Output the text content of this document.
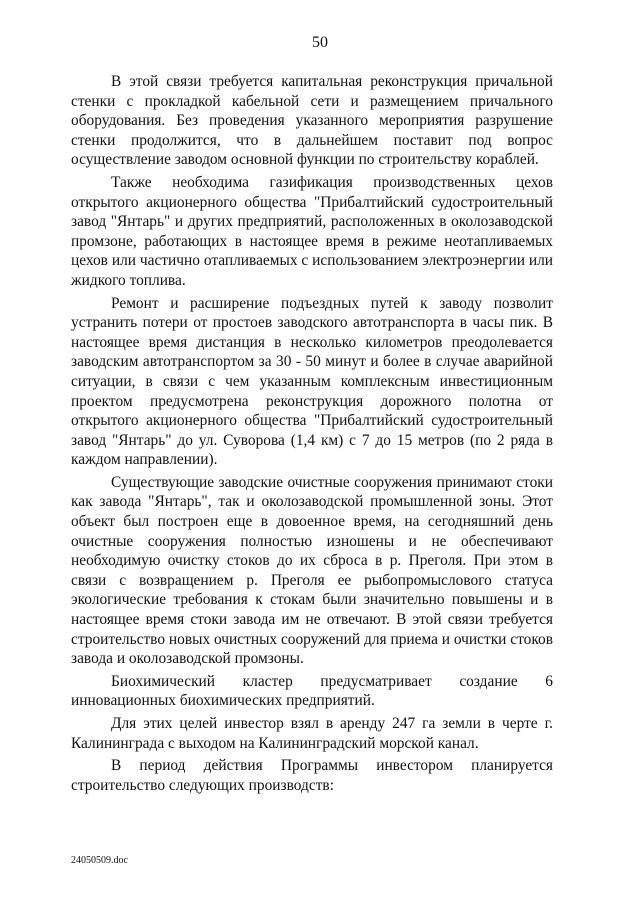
50

В этой связи требуется капитальная реконструкция причальной стенки с прокладкой кабельной сети и размещением причального оборудования. Без проведения указанного мероприятия разрушение стенки продолжится, что в дальнейшем поставит под вопрос осуществление заводом основной функции по строительству кораблей.

Также необходима газификация производственных цехов открытого акционерного общества "Прибалтийский судостроительный завод "Янтарь" и других предприятий, расположенных в околозаводской промзоне, работающих в настоящее время в режиме неотапливаемых цехов или частично отапливаемых с использованием электроэнергии или жидкого топлива.

Ремонт и расширение подъездных путей к заводу позволит устранить потери от простоев заводского автотранспорта в часы пик. В настоящее время дистанция в несколько километров преодолевается заводским автотранспортом за 30 - 50 минут и более в случае аварийной ситуации, в связи с чем указанным комплексным инвестиционным проектом предусмотрена реконструкция дорожного полотна от открытого акционерного общества "Прибалтийский судостроительный завод "Янтарь" до ул. Суворова (1,4 км) с 7 до 15 метров (по 2 ряда в каждом направлении).

Существующие заводские очистные сооружения принимают стоки как завода "Янтарь", так и околозаводской промышленной зоны. Этот объект был построен еще в довоенное время, на сегодняшний день очистные сооружения полностью изношены и не обеспечивают необходимую очистку стоков до их сброса в р. Преголя. При этом в связи с возвращением р. Преголя ее рыбопромыслового статуса экологические требования к стокам были значительно повышены и в настоящее время стоки завода им не отвечают. В этой связи требуется строительство новых очистных сооружений для приема и очистки стоков завода и околозаводской промзоны.

Биохимический кластер предусматривает создание 6 инновационных биохимических предприятий.

Для этих целей инвестор взял в аренду 247 га земли в черте г. Калининграда с выходом на Калининградский морской канал.

В период действия Программы инвестором планируется строительство следующих производств:

24050509.doc
